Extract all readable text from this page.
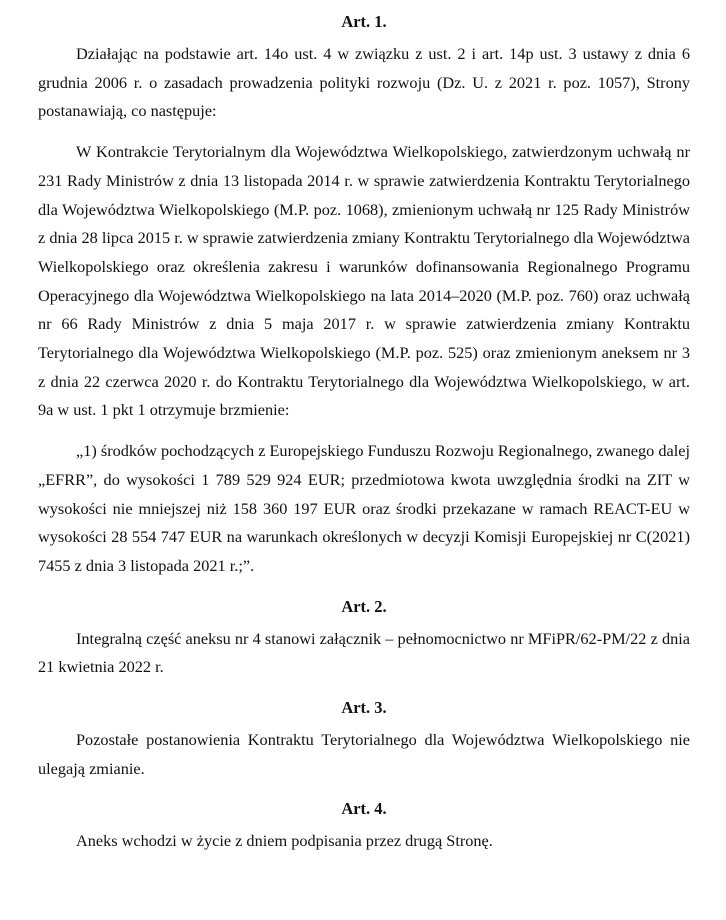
Art. 1.

Działając na podstawie art. 14o ust. 4 w związku z ust. 2 i art. 14p ust. 3 ustawy z dnia 6 grudnia 2006 r. o zasadach prowadzenia polityki rozwoju (Dz. U. z 2021 r. poz. 1057), Strony postanawiają, co następuje:

W Kontrakcie Terytorialnym dla Województwa Wielkopolskiego, zatwierdzonym uchwałą nr 231 Rady Ministrów z dnia 13 listopada 2014 r. w sprawie zatwierdzenia Kontraktu Terytorialnego dla Województwa Wielkopolskiego (M.P. poz. 1068), zmienionym uchwałą nr 125 Rady Ministrów z dnia 28 lipca 2015 r. w sprawie zatwierdzenia zmiany Kontraktu Terytorialnego dla Województwa Wielkopolskiego oraz określenia zakresu i warunków dofinansowania Regionalnego Programu Operacyjnego dla Województwa Wielkopolskiego na lata 2014–2020 (M.P. poz. 760) oraz uchwałą nr 66 Rady Ministrów z dnia 5 maja 2017 r. w sprawie zatwierdzenia zmiany Kontraktu Terytorialnego dla Województwa Wielkopolskiego (M.P. poz. 525) oraz zmienionym aneksem nr 3 z dnia 22 czerwca 2020 r. do Kontraktu Terytorialnego dla Województwa Wielkopolskiego, w art. 9a w ust. 1 pkt 1 otrzymuje brzmienie:

„1) środków pochodzących z Europejskiego Funduszu Rozwoju Regionalnego, zwanego dalej „EFRR”, do wysokości 1 789 529 924 EUR; przedmiotowa kwota uwzględnia środki na ZIT w wysokości nie mniejszej niż 158 360 197 EUR oraz środki przekazane w ramach REACT-EU w wysokości 28 554 747 EUR na warunkach określonych w decyzji Komisji Europejskiej nr C(2021) 7455 z dnia 3 listopada 2021 r.;”.

Art. 2.

Integralną część aneksu nr 4 stanowi załącznik – pełnomocnictwo nr MFiPR/62-PM/22 z dnia 21 kwietnia 2022 r.

Art. 3.

Pozostałe postanowienia Kontraktu Terytorialnego dla Województwa Wielkopolskiego nie ulegają zmianie.

Art. 4.

Aneks wchodzi w życie z dniem podpisania przez drugą Stronę.
